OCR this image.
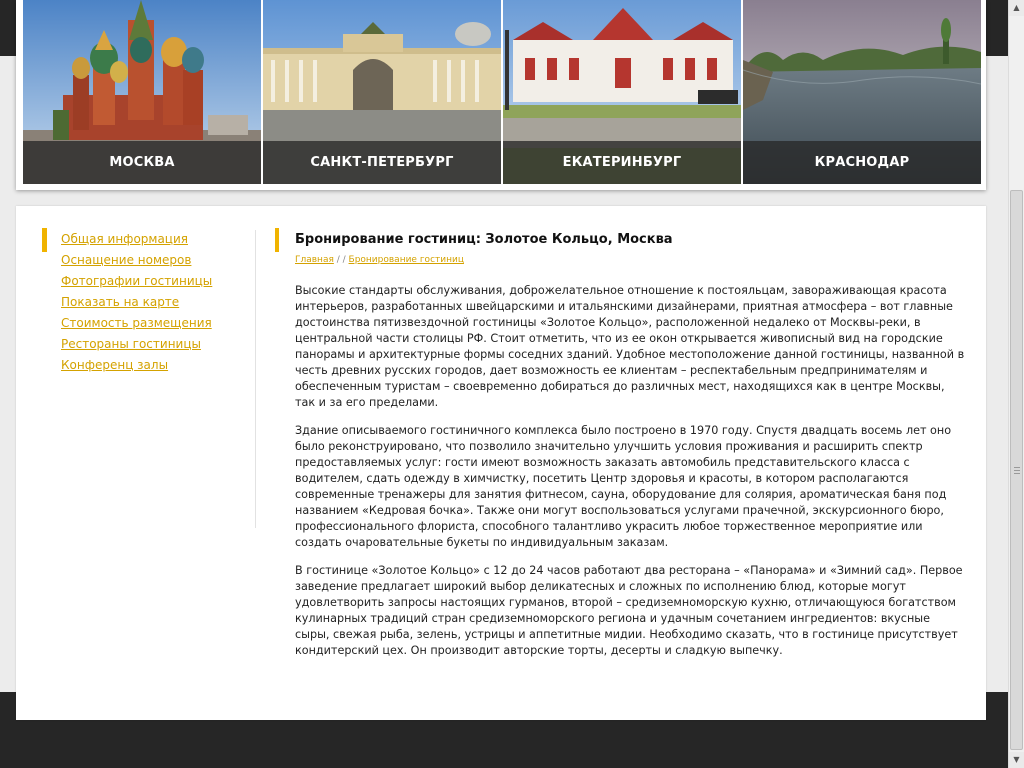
МОСКВА	САНКТ-ПЕТЕРБУРГ	ЕКАТЕРИНБУРГ	КРАСНОДАР
Общая информация
Оснащение номеров
Фотографии гостиницы
Показать на карте
Стоимость размещения
Рестораны гостиницы
Конференц залы
Бронирование гостиниц: Золотое Кольцо, Москва
Главная / / Бронирование гостиниц

Высокие стандарты обслуживания, доброжелательное отношение к постояльцам, завораживающая красота интерьеров, разработанных швейцарскими и итальянскими дизайнерами, приятная атмосфера – вот главные достоинства пятизвездочной гостиницы «Золотое Кольцо», расположенной недалеко от Москвы-реки, в центральной части столицы РФ. Стоит отметить, что из ее окон открывается живописный вид на городские панорамы и архитектурные формы соседних зданий. Удобное местоположение данной гостиницы, названной в честь древних русских городов, дает возможность ее клиентам – респектабельным предпринимателям и обеспеченным туристам – своевременно добираться до различных мест, находящихся как в центре Москвы, так и за его пределами.

Здание описываемого гостиничного комплекса было построено в 1970 году. Спустя двадцать восемь лет оно было реконструировано, что позволило значительно улучшить условия проживания и расширить спектр предоставляемых услуг: гости имеют возможность заказать автомобиль представительского класса с водителем, сдать одежду в химчистку, посетить Центр здоровья и красоты, в котором располагаются современные тренажеры для занятия фитнесом, сауна, оборудование для солярия, ароматическая баня под названием «Кедровая бочка». Также они могут воспользоваться услугами прачечной, экскурсионного бюро, профессионального флориста, способного талантливо украсить любое торжественное мероприятие или создать очаровательные букеты по индивидуальным заказам.

В гостинице «Золотое Кольцо» с 12 до 24 часов работают два ресторана – «Панорама» и «Зимний сад». Первое заведение предлагает широкий выбор деликатесных и сложных по исполнению блюд, которые могут удовлетворить запросы настоящих гурманов, второй – средиземноморскую кухню, отличающуюся богатством кулинарных традиций стран средиземноморского региона и удачным сочетанием ингредиентов: вкусные сыры, свежая рыба, зелень, устрицы и аппетитные мидии. Необходимо сказать, что в гостинице присутствует кондитерский цех. Он производит авторские торты, десерты и сладкую выпечку.

▲
▼
